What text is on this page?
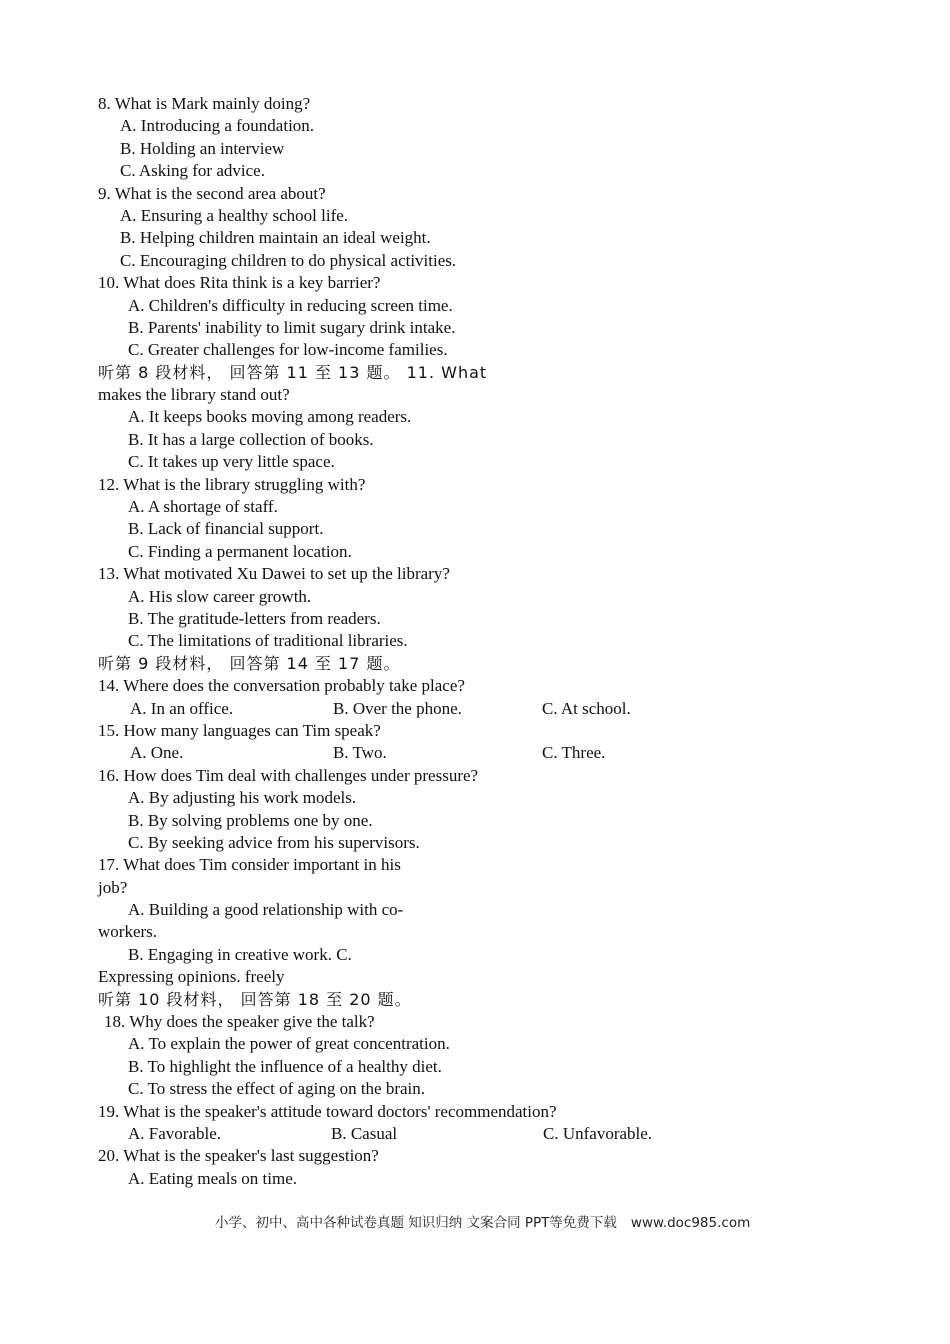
8. What is Mark mainly doing?
A. Introducing a foundation.
B. Holding an interview
C. Asking for advice.
9. What is the second area about?
A. Ensuring a healthy school life.
B. Helping children maintain an ideal weight.
C. Encouraging children to do physical activities.
10. What does Rita think is a key barrier?
A. Children's difficulty in reducing screen time.
B. Parents' inability to limit sugary drink intake.
C. Greater challenges for low-income families.
听第 8 段材料， 回答第 11 至 13 题。 11. What
makes the library stand out?
A. It keeps books moving among readers.
B. It has a large collection of books.
C. It takes up very little space.
12. What is the library struggling with?
A. A shortage of staff.
B. Lack of financial support.
C. Finding a permanent location.
13. What motivated Xu Dawei to set up the library?
A. His slow career growth.
B. The gratitude-letters from readers.
C. The limitations of traditional libraries.
听第 9 段材料， 回答第 14 至 17 题。
14. Where does the conversation probably take place?
A. In an office.	B. Over the phone.	C. At school.
15. How many languages can Tim speak?
A. One.	B. Two.	C. Three.
16. How does Tim deal with challenges under pressure?
A. By adjusting his work models.
B. By solving problems one by one.
C. By seeking advice from his supervisors.
17. What does Tim consider important in his
job?
A. Building a good relationship with co-
workers.
B. Engaging in creative work. C.
Expressing opinions. freely
听第 10 段材料， 回答第 18 至 20 题。
18. Why does the speaker give the talk?
A. To explain the power of great concentration.
B. To highlight the influence of a healthy diet.
C. To stress the effect of aging on the brain.
19. What is the speaker's attitude toward doctors' recommendation?
A. Favorable.	B. Casual	C. Unfavorable.
20. What is the speaker's last suggestion?
A. Eating meals on time.
小学、初中、高中各种试卷真题 知识归纳 文案合同 PPT等免费下载 www.doc985.com
